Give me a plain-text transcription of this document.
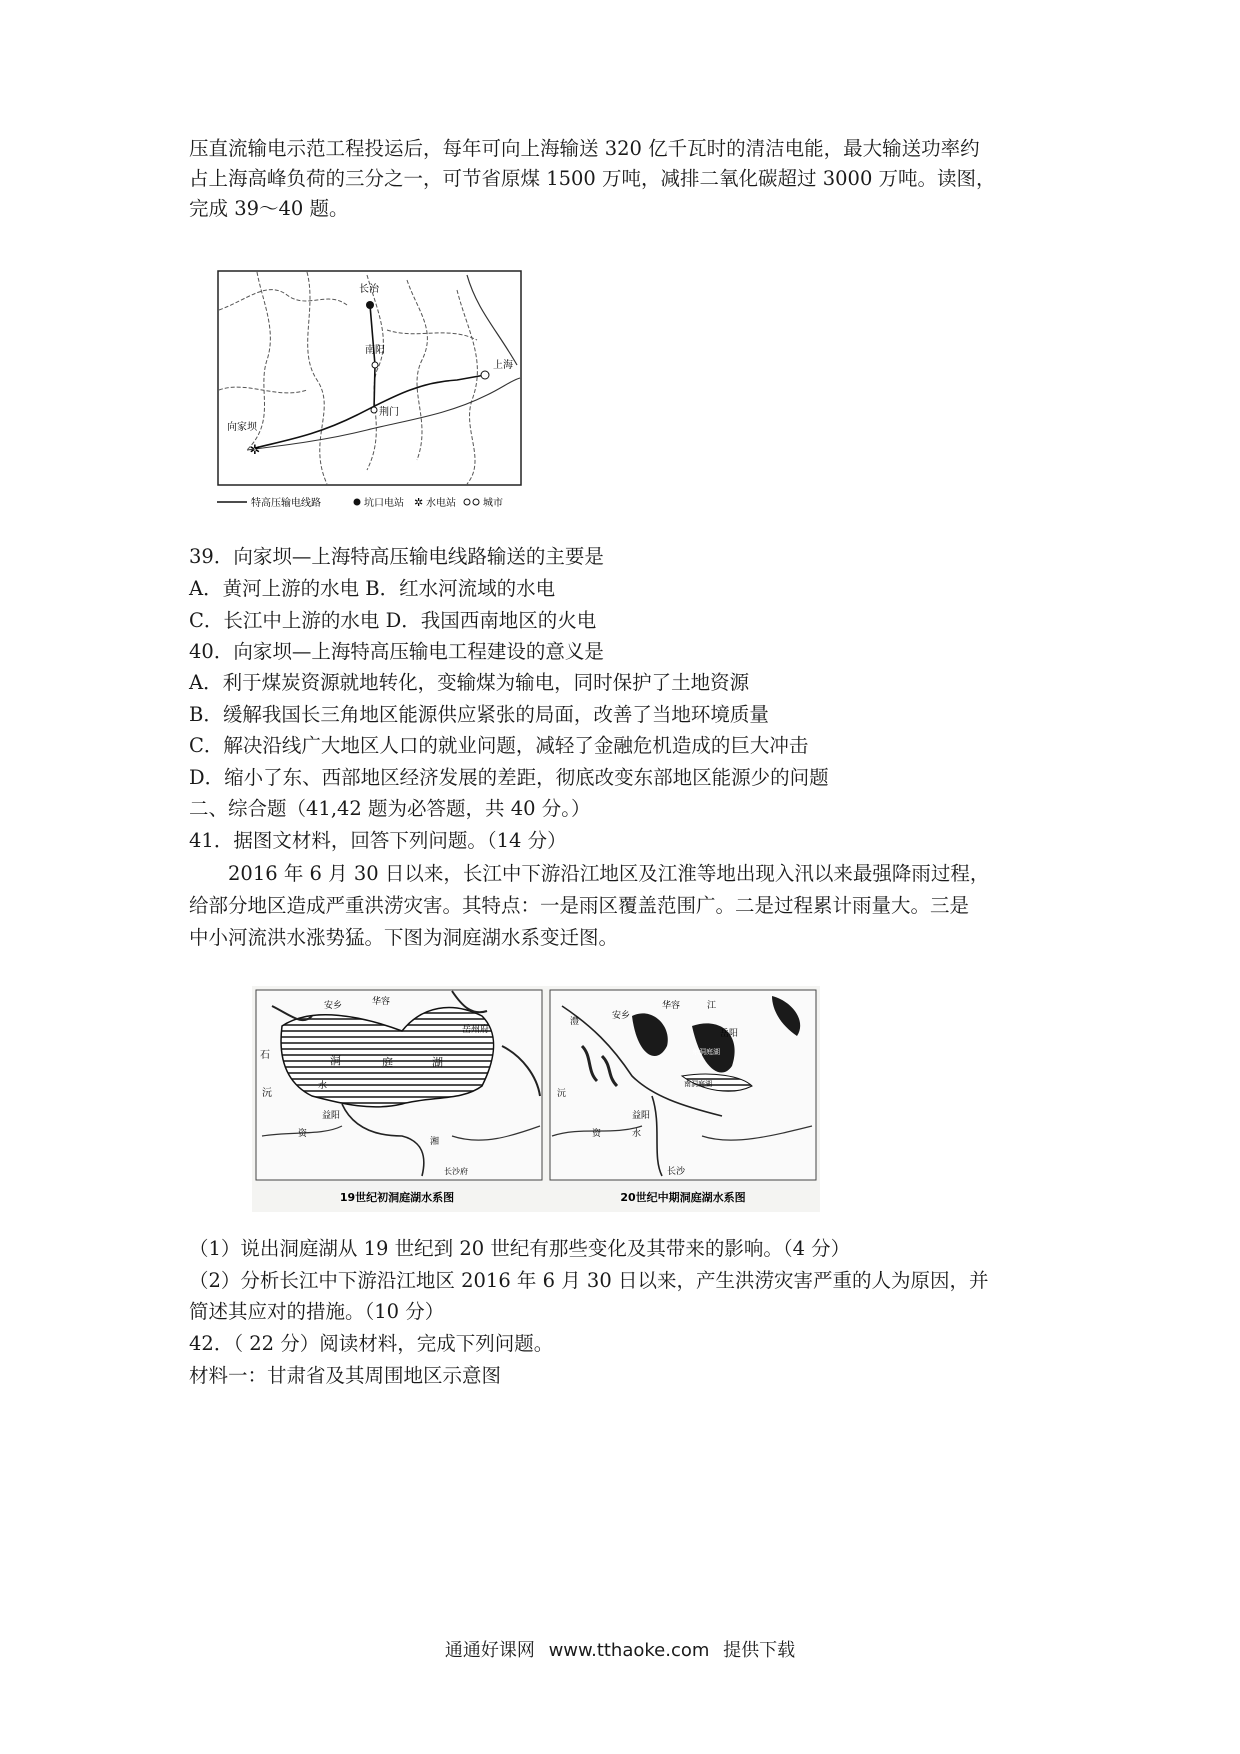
压直流输电示范工程投运后，每年可向上海输送 320 亿千瓦时的清洁电能，最大输送功率约
占上海高峰负荷的三分之一，可节省原煤 1500 万吨，减排二氧化碳超过 3000 万吨。读图，
完成 39～40 题。
✲
长治
南阳
荆门
向家坝
上海
特高压输电线路	坑口电站 ✲ 水电站	城市
39．向家坝—上海特高压输电线路输送的主要是
A．黄河上游的水电 B．红水河流域的水电
C．长江中上游的水电 D．我国西南地区的火电
40．向家坝—上海特高压输电工程建设的意义是
A．利于煤炭资源就地转化，变输煤为输电，同时保护了土地资源
B．缓解我国长三角地区能源供应紧张的局面，改善了当地环境质量
C．解决沿线广大地区人口的就业问题，减轻了金融危机造成的巨大冲击
D．缩小了东、西部地区经济发展的差距，彻底改变东部地区能源少的问题
二、综合题（41,42 题为必答题，共 40 分。）
41．据图文材料，回答下列问题。（14 分）
2016 年 6 月 30 日以来，长江中下游沿江地区及江淮等地出现入汛以来最强降雨过程，
给部分地区造成严重洪涝灾害。其特点：一是雨区覆盖范围广。二是过程累计雨量大。三是
中小河流洪水涨势猛。下图为洞庭湖水系变迁图。
安乡	华容
岳州府
石	洞	庭	湖
沅
水
益阳
资
湘
长沙府
19世纪初洞庭湖水系图
澧
安乡
华容	江
岳阳
东洞庭湖
南洞庭湖
沅
益阳
资	水
长沙
20世纪中期洞庭湖水系图
（1）说出洞庭湖从 19 世纪到 20 世纪有那些变化及其带来的影响。（4 分）
（2）分析长江中下游沿江地区 2016 年 6 月 30 日以来，产生洪涝灾害严重的人为原因，并
简述其应对的措施。（10 分）
42．（ 22 分）阅读材料，完成下列问题。
材料一：甘肃省及其周围地区示意图
通通好课网 www.tthaoke.com 提供下载
